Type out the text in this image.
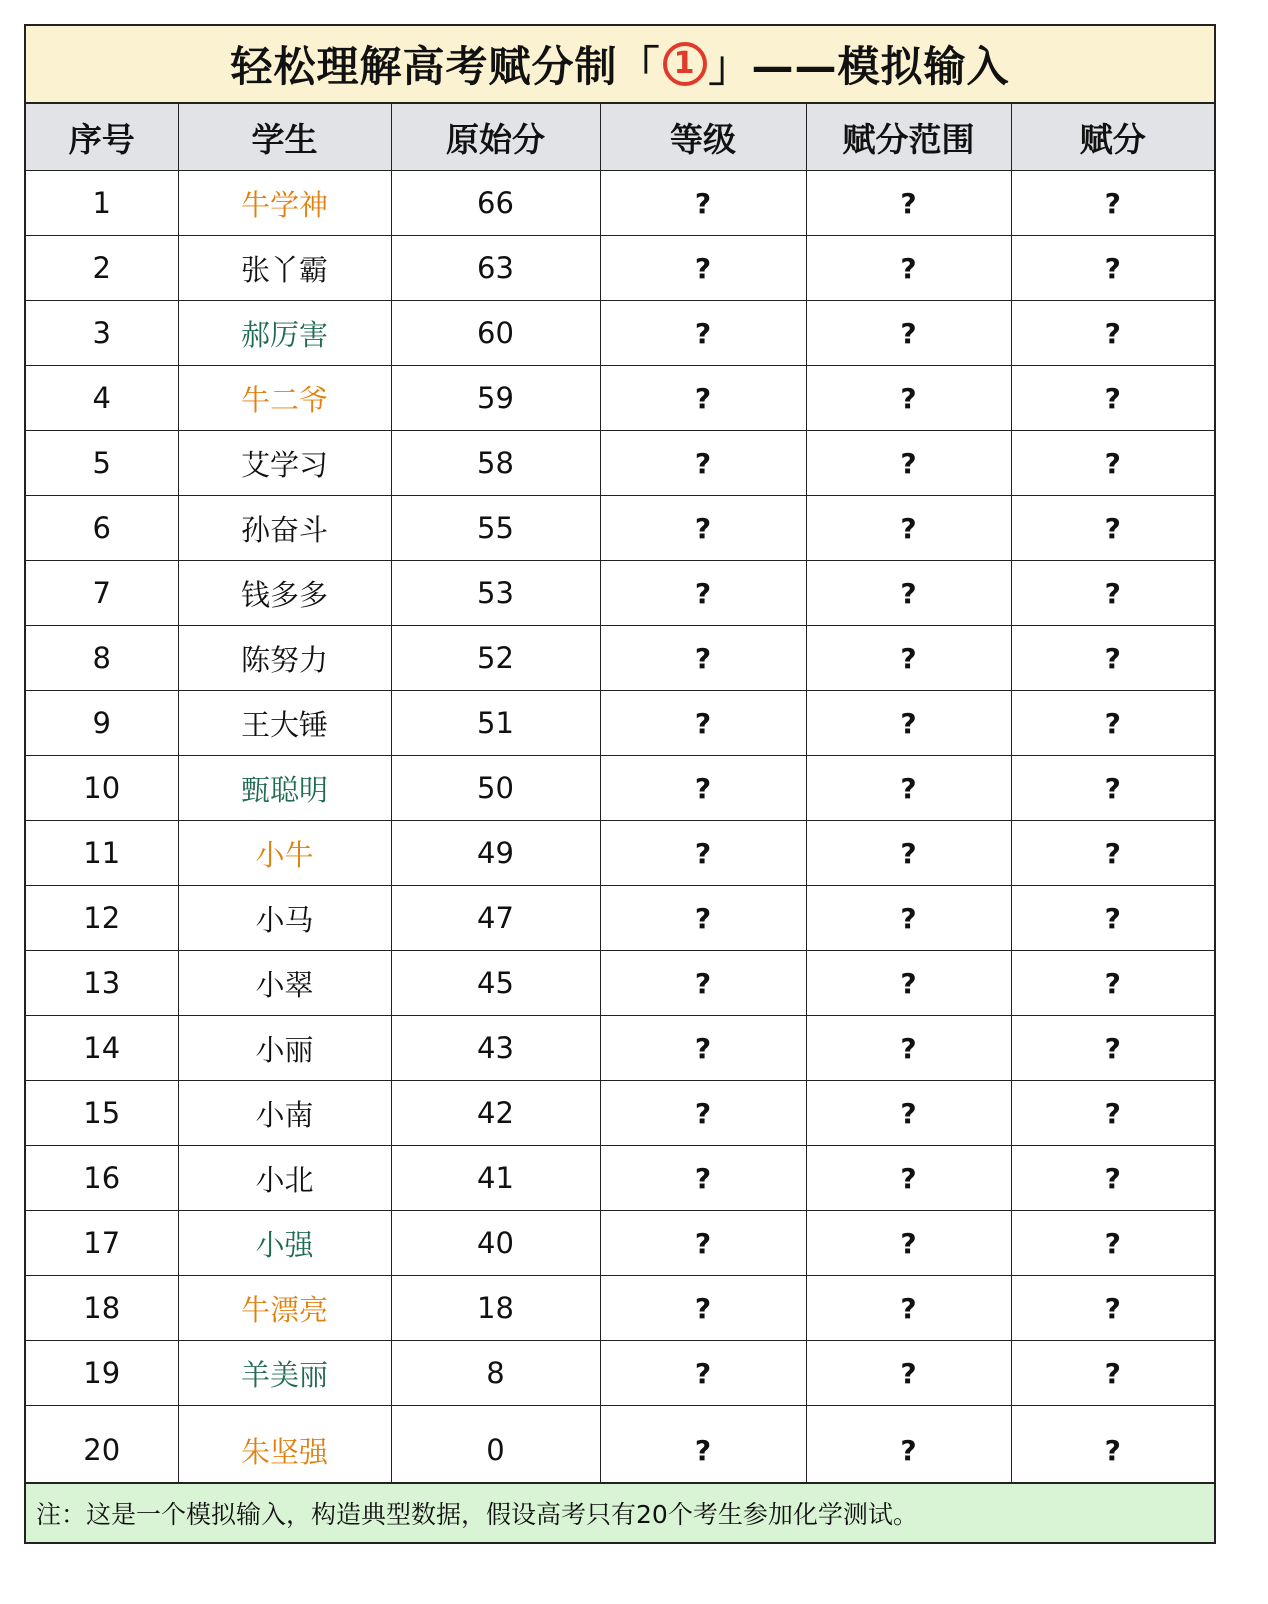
轻松理解高考赋分制「 1 」——模拟输入
序号	学生	原始分	等级	赋分范围	赋分
1	牛学神	66	?	?	?
2	张丫霸	63	?	?	?
3	郝厉害	60	?	?	?
4	牛二爷	59	?	?	?
5	艾学习	58	?	?	?
6	孙奋斗	55	?	?	?
7	钱多多	53	?	?	?
8	陈努力	52	?	?	?
9	王大锤	51	?	?	?
10	甄聪明	50	?	?	?
11	小牛	49	?	?	?
12	小马	47	?	?	?
13	小翠	45	?	?	?
14	小丽	43	?	?	?
15	小南	42	?	?	?
16	小北	41	?	?	?
17	小强	40	?	?	?
18	牛漂亮	18	?	?	?
19	羊美丽	8	?	?	?
20	朱坚强	0	?	?	?
注：这是一个模拟输入，构造典型数据，假设高考只有20个考生参加化学测试。
